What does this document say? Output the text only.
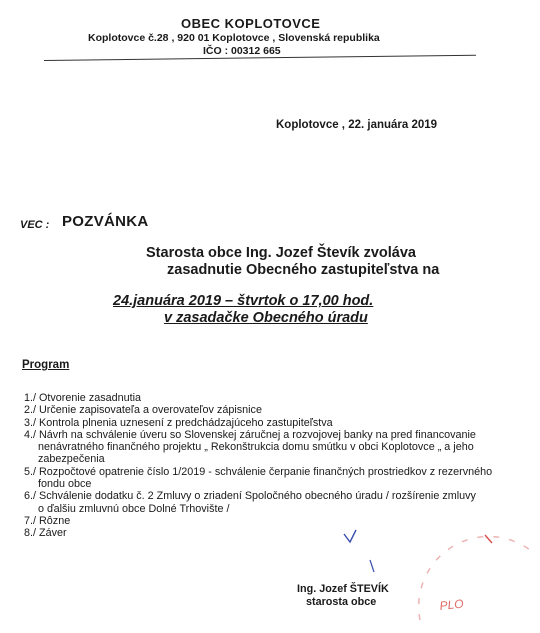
OBEC KOPLOTOVCE
Koplotovce č.28 , 920 01 Koplotovce , Slovenská republika
IČO : 00312 665
Koplotovce , 22. januára 2019
VEC : POZVÁNKA
Starosta obce Ing. Jozef Števík zvoláva
zasadnutie Obecného zastupiteľstva na
24.januára 2019 – štvrtok o 17,00 hod.
v zasadačke Obecného úradu
Program
1./ Otvorenie zasadnutia
2./ Určenie zapisovateľa a overovateľov zápisnice
3./ Kontrola plnenia uznesení z predchádzajúceho zastupiteľstva
4./ Návrh na schválenie úveru so Slovenskej záručnej a rozvojovej banky na pred financovanie
nenávratného finančného projektu „ Rekonštrukcia domu smútku v obci Koplotovce „ a jeho
zabezpečenia
5./ Rozpočtové opatrenie číslo 1/2019 - schválenie čerpanie finančných prostriedkov z rezervného
fondu obce
6./ Schválenie dodatku č. 2 Zmluvy o zriadení Spoločného obecného úradu / rozšírenie zmluvy
o ďalšiu zmluvnú obce Dolné Trhovište /
7./ Rôzne
8./ Záver
PLO
Ing. Jozef ŠTEVÍK
starosta obce
